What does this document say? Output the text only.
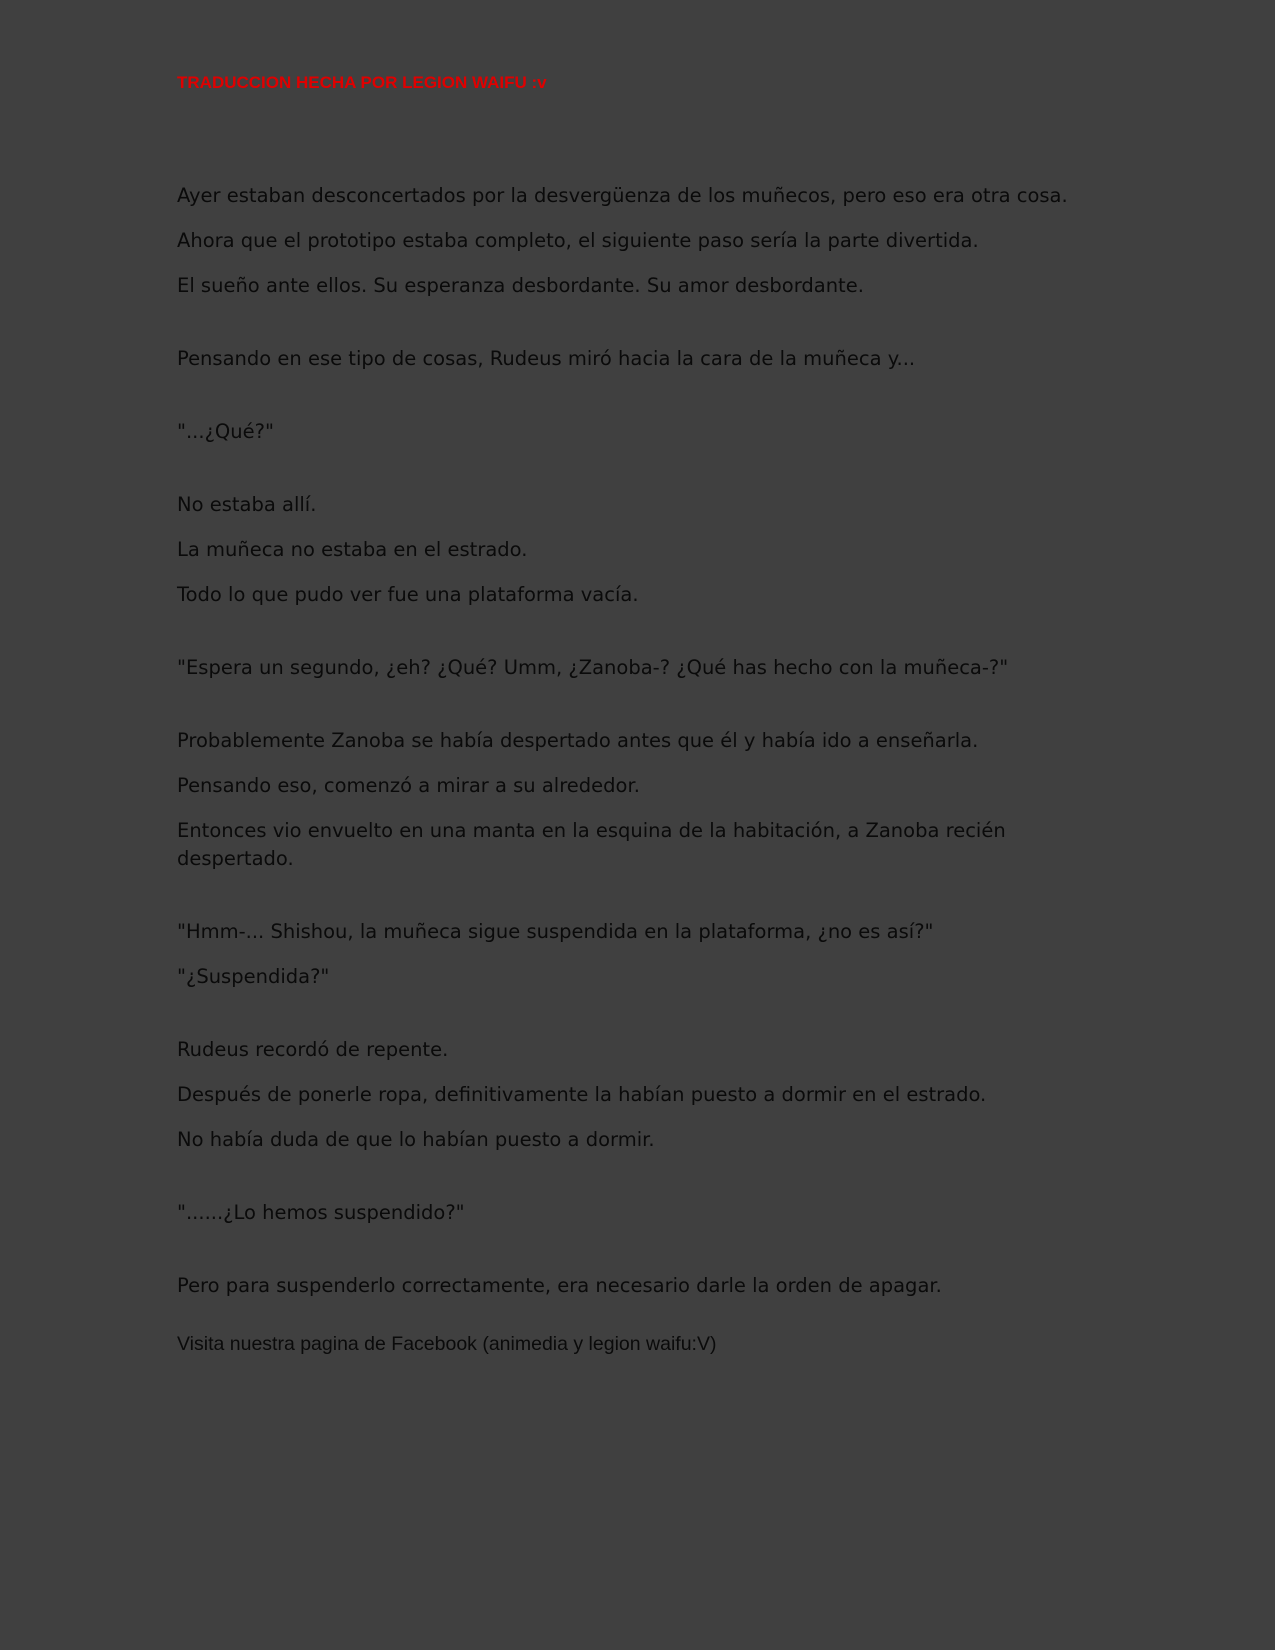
TRADUCCION HECHA POR LEGION WAIFU :v

Ayer estaban desconcertados por la desvergüenza de los muñecos, pero eso era otra cosa.

Ahora que el prototipo estaba completo, el siguiente paso sería la parte divertida.

El sueño ante ellos. Su esperanza desbordante. Su amor desbordante.

Pensando en ese tipo de cosas, Rudeus miró hacia la cara de la muñeca y...

"...¿Qué?"

No estaba allí.

La muñeca no estaba en el estrado.

Todo lo que pudo ver fue una plataforma vacía.

"Espera un segundo, ¿eh? ¿Qué? Umm, ¿Zanoba-? ¿Qué has hecho con la muñeca-?"

Probablemente Zanoba se había despertado antes que él y había ido a enseñarla.

Pensando eso, comenzó a mirar a su alrededor.

Entonces vio envuelto en una manta en la esquina de la habitación, a Zanoba recién despertado.

"Hmm-... Shishou, la muñeca sigue suspendida en la plataforma, ¿no es así?"

"¿Suspendida?"

Rudeus recordó de repente.

Después de ponerle ropa, definitivamente la habían puesto a dormir en el estrado.

No había duda de que lo habían puesto a dormir.

"......¿Lo hemos suspendido?"

Pero para suspenderlo correctamente, era necesario darle la orden de apagar.

Visita nuestra pagina de Facebook (animedia y legion waifu:V)
